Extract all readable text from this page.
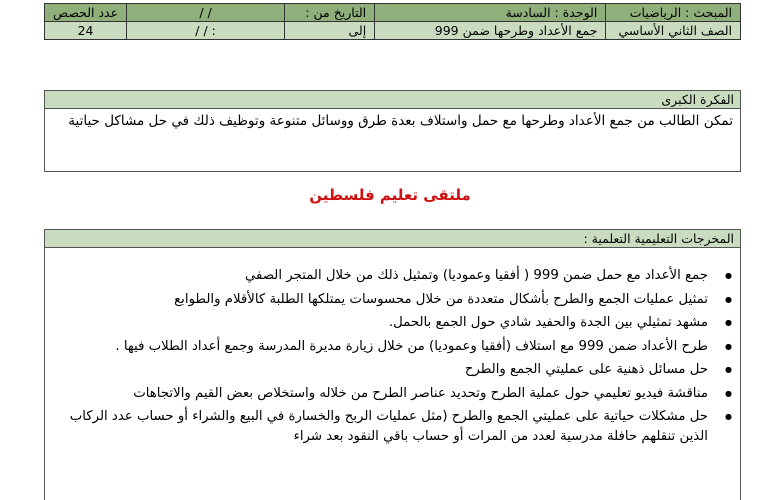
المبحث : الرياضيات	الوحدة : السادسة	التاريخ من :	/ /	عدد الحصص
الصف الثاني الأساسي	جمع الأعداد وطرحها ضمن 999	إلى	: / /	24
الفكرة الكبرى
تمكن الطالب من جمع الأعداد وطرحها مع حمل واستلاف بعدة طرق ووسائل متنوعة وتوظيف ذلك في حل مشاكل حياتية
ملتقى تعليم فلسطين
المخرجات التعليمية التعلمية :
● جمع الأعداد مع حمل ضمن 999 ( أفقيا وعموديا) وتمثيل ذلك من خلال المتجر الصفي
● تمثيل عمليات الجمع والطرح بأشكال متعددة من خلال محسوسات يمتلكها الطلبة كالأقلام والطوابع
● مشهد تمثيلي بين الجدة والحفيد شادي حول الجمع بالحمل.
● طرح الأعداد ضمن 999 مع استلاف (أفقيا وعموديا) من خلال زيارة مديرة المدرسة وجمع أعداد الطلاب فيها .
● حل مسائل ذهنية على عمليتي الجمع والطرح
● مناقشة فيديو تعليمي حول عملية الطرح وتحديد عناصر الطرح من خلاله واستخلاص بعض القيم والاتجاهات
● حل مشكلات حياتية على عمليتي الجمع والطرح (مثل عمليات الربح والخسارة في البيع والشراء أو حساب عدد الركاب الذين تنقلهم حافلة مدرسية لعدد من المرات أو حساب باقي النقود بعد شراء
